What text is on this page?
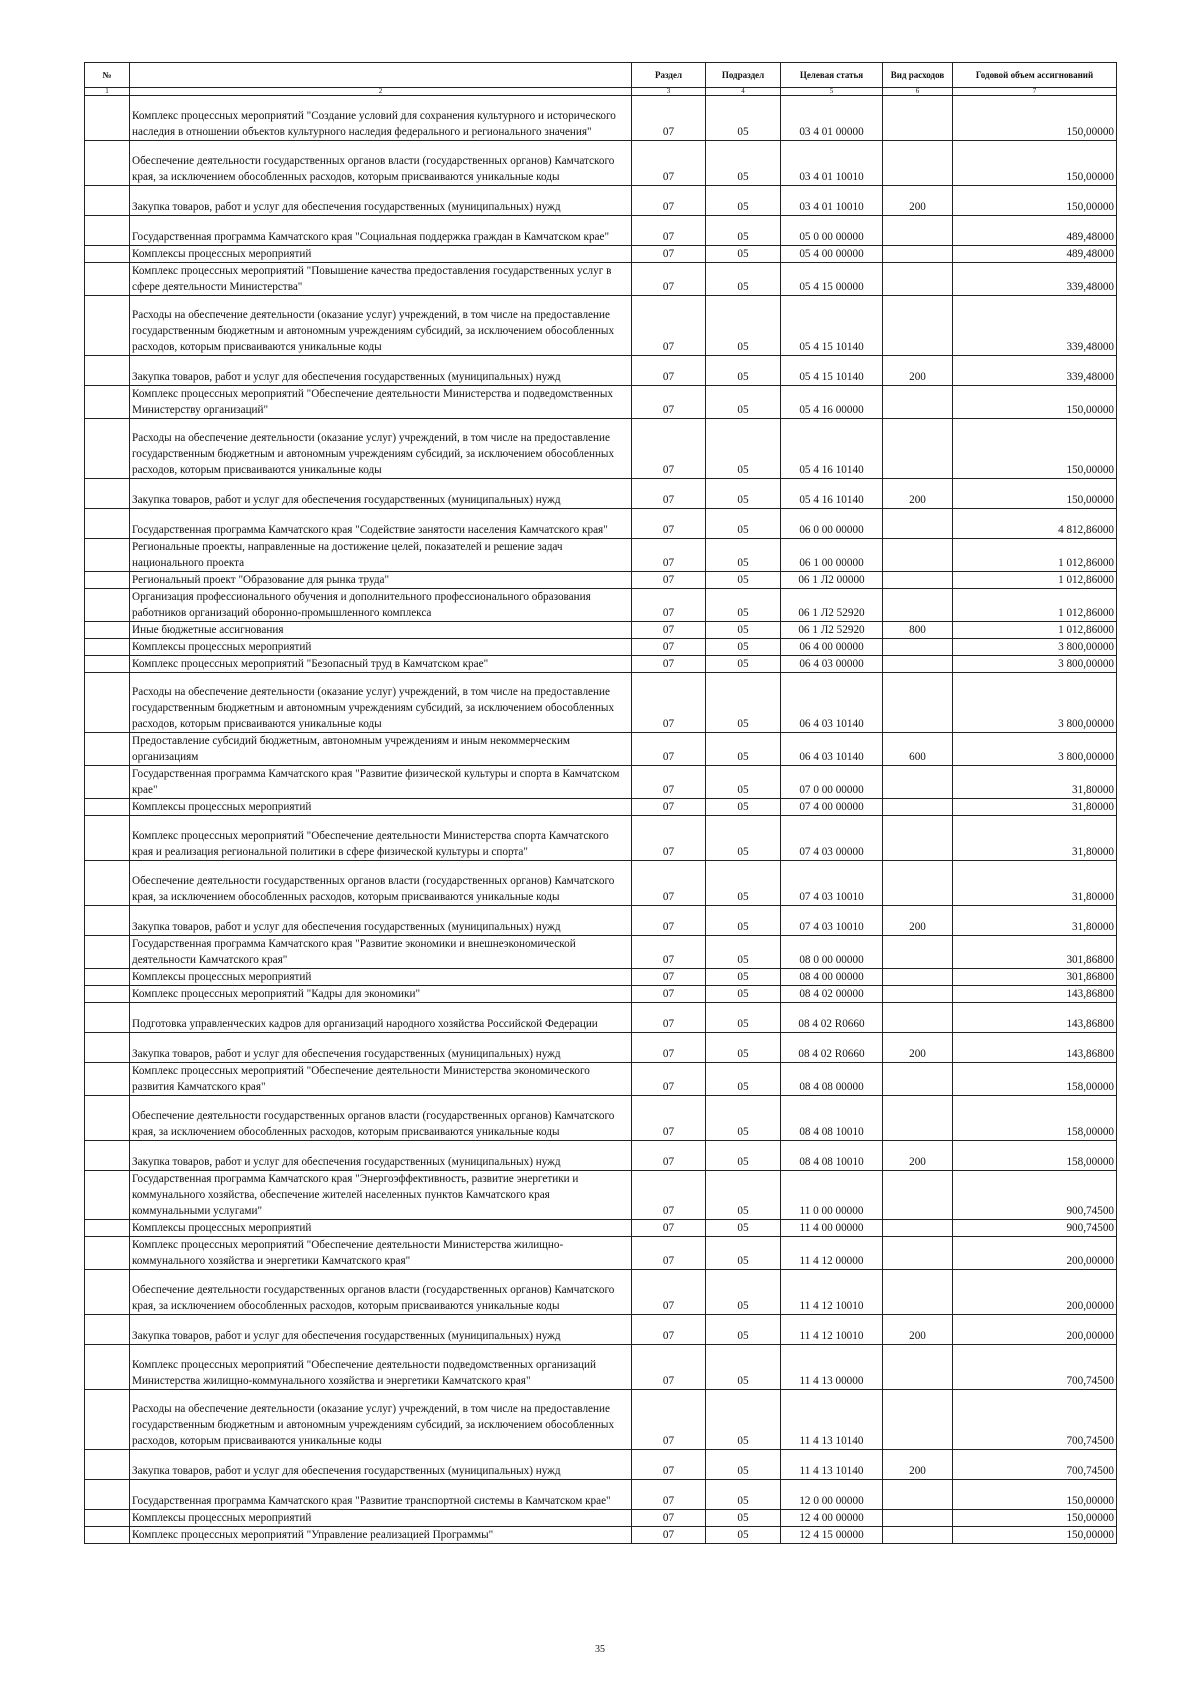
№		Раздел	Подраздел	Целевая статья	Вид расходов	Годовой объем ассигнований
1	2	3	4	5	6	7
	Комплекс процессных мероприятий "Создание условий для сохранения культурного и исторического наследия в отношении объектов культурного наследия федерального и регионального значения"	07	05	03 4 01 00000		150,00000
	Обеспечение деятельности государственных органов власти (государственных органов) Камчатского края, за исключением обособленных расходов, которым присваиваются уникальные коды	07	05	03 4 01 10010		150,00000
	Закупка товаров, работ и услуг для обеспечения государственных (муниципальных) нужд	07	05	03 4 01 10010	200	150,00000
	Государственная программа Камчатского края "Социальная поддержка граждан в Камчатском крае"	07	05	05 0 00 00000		489,48000
	Комплексы процессных мероприятий	07	05	05 4 00 00000		489,48000
	Комплекс процессных мероприятий "Повышение качества предоставления государственных услуг в сфере деятельности Министерства"	07	05	05 4 15 00000		339,48000
	Расходы на обеспечение деятельности (оказание услуг) учреждений, в том числе на предоставление государственным бюджетным и автономным учреждениям субсидий, за исключением обособленных расходов, которым присваиваются уникальные коды	07	05	05 4 15 10140		339,48000
	Закупка товаров, работ и услуг для обеспечения государственных (муниципальных) нужд	07	05	05 4 15 10140	200	339,48000
	Комплекс процессных мероприятий "Обеспечение деятельности Министерства и подведомственных Министерству организаций"	07	05	05 4 16 00000		150,00000
	Расходы на обеспечение деятельности (оказание услуг) учреждений, в том числе на предоставление государственным бюджетным и автономным учреждениям субсидий, за исключением обособленных расходов, которым присваиваются уникальные коды	07	05	05 4 16 10140		150,00000
	Закупка товаров, работ и услуг для обеспечения государственных (муниципальных) нужд	07	05	05 4 16 10140	200	150,00000
	Государственная программа Камчатского края "Содействие занятости населения Камчатского края"	07	05	06 0 00 00000		4 812,86000
	Региональные проекты, направленные на достижение целей, показателей и решение задач национального проекта	07	05	06 1 00 00000		1 012,86000
	Региональный проект "Образование для рынка труда"	07	05	06 1 Л2 00000		1 012,86000
	Организация профессионального обучения и дополнительного профессионального образования работников организаций оборонно-промышленного комплекса	07	05	06 1 Л2 52920		1 012,86000
	Иные бюджетные ассигнования	07	05	06 1 Л2 52920	800	1 012,86000
	Комплексы процессных мероприятий	07	05	06 4 00 00000		3 800,00000
	Комплекс процессных мероприятий "Безопасный труд в Камчатском крае"	07	05	06 4 03 00000		3 800,00000
	Расходы на обеспечение деятельности (оказание услуг) учреждений, в том числе на предоставление государственным бюджетным и автономным учреждениям субсидий, за исключением обособленных расходов, которым присваиваются уникальные коды	07	05	06 4 03 10140		3 800,00000
	Предоставление субсидий бюджетным, автономным учреждениям и иным некоммерческим организациям	07	05	06 4 03 10140	600	3 800,00000
	Государственная программа Камчатского края "Развитие физической культуры и спорта в Камчатском крае"	07	05	07 0 00 00000		31,80000
	Комплексы процессных мероприятий	07	05	07 4 00 00000		31,80000
	Комплекс процессных мероприятий "Обеспечение деятельности Министерства спорта Камчатского края и реализация региональной политики в сфере физической культуры и спорта"	07	05	07 4 03 00000		31,80000
	Обеспечение деятельности государственных органов власти (государственных органов) Камчатского края, за исключением обособленных расходов, которым присваиваются уникальные коды	07	05	07 4 03 10010		31,80000
	Закупка товаров, работ и услуг для обеспечения государственных (муниципальных) нужд	07	05	07 4 03 10010	200	31,80000
	Государственная программа Камчатского края "Развитие экономики и внешнеэкономической деятельности Камчатского края"	07	05	08 0 00 00000		301,86800
	Комплексы процессных мероприятий	07	05	08 4 00 00000		301,86800
	Комплекс процессных мероприятий "Кадры для экономики"	07	05	08 4 02 00000		143,86800
	Подготовка управленческих кадров для организаций народного хозяйства Российской Федерации	07	05	08 4 02 R0660		143,86800
	Закупка товаров, работ и услуг для обеспечения государственных (муниципальных) нужд	07	05	08 4 02 R0660	200	143,86800
	Комплекс процессных мероприятий "Обеспечение деятельности Министерства экономического развития Камчатского края"	07	05	08 4 08 00000		158,00000
	Обеспечение деятельности государственных органов власти (государственных органов) Камчатского края, за исключением обособленных расходов, которым присваиваются уникальные коды	07	05	08 4 08 10010		158,00000
	Закупка товаров, работ и услуг для обеспечения государственных (муниципальных) нужд	07	05	08 4 08 10010	200	158,00000
	Государственная программа Камчатского края "Энергоэффективность, развитие энергетики и коммунального хозяйства, обеспечение жителей населенных пунктов Камчатского края коммунальными услугами"	07	05	11 0 00 00000		900,74500
	Комплексы процессных мероприятий	07	05	11 4 00 00000		900,74500
	Комплекс процессных мероприятий "Обеспечение деятельности Министерства жилищно-коммунального хозяйства и энергетики Камчатского края"	07	05	11 4 12 00000		200,00000
	Обеспечение деятельности государственных органов власти (государственных органов) Камчатского края, за исключением обособленных расходов, которым присваиваются уникальные коды	07	05	11 4 12 10010		200,00000
	Закупка товаров, работ и услуг для обеспечения государственных (муниципальных) нужд	07	05	11 4 12 10010	200	200,00000
	Комплекс процессных мероприятий "Обеспечение деятельности подведомственных организаций Министерства жилищно-коммунального хозяйства и энергетики Камчатского края"	07	05	11 4 13 00000		700,74500
	Расходы на обеспечение деятельности (оказание услуг) учреждений, в том числе на предоставление государственным бюджетным и автономным учреждениям субсидий, за исключением обособленных расходов, которым присваиваются уникальные коды	07	05	11 4 13 10140		700,74500
	Закупка товаров, работ и услуг для обеспечения государственных (муниципальных) нужд	07	05	11 4 13 10140	200	700,74500
	Государственная программа Камчатского края "Развитие транспортной системы в Камчатском крае"	07	05	12 0 00 00000		150,00000
	Комплексы процессных мероприятий	07	05	12 4 00 00000		150,00000
	Комплекс процессных мероприятий "Управление реализацией Программы"	07	05	12 4 15 00000		150,00000
35
